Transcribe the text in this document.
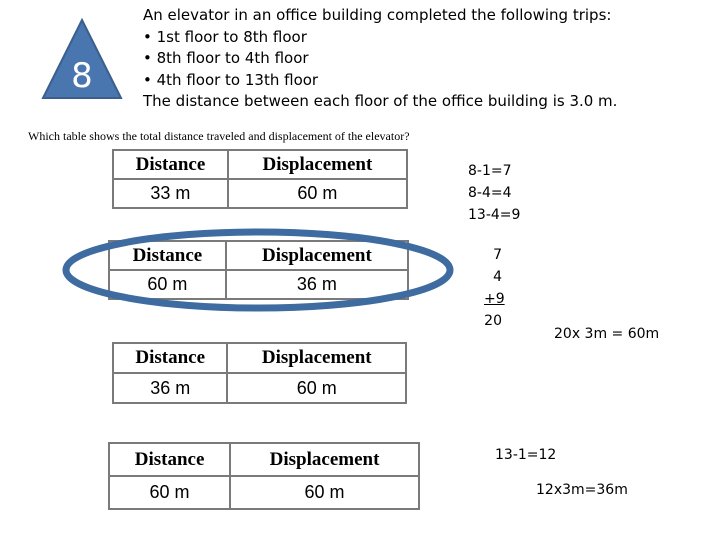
8
An elevator in an office building completed the following trips:
• 1st floor to 8th floor
• 8th floor to 4th floor
• 4th floor to 13th floor
The distance between each floor of the office building is 3.0 m.
Which table shows the total distance traveled and displacement of the elevator?
Distance	Displacement
33 m	60 m
Distance	Displacement
60 m	36 m
Distance	Displacement
36 m	60 m
Distance	Displacement
60 m	60 m
8-1=7
8-4=4
13-4=9
7
4
+9
20
20x 3m = 60m
13-1=12
12x3m=36m
